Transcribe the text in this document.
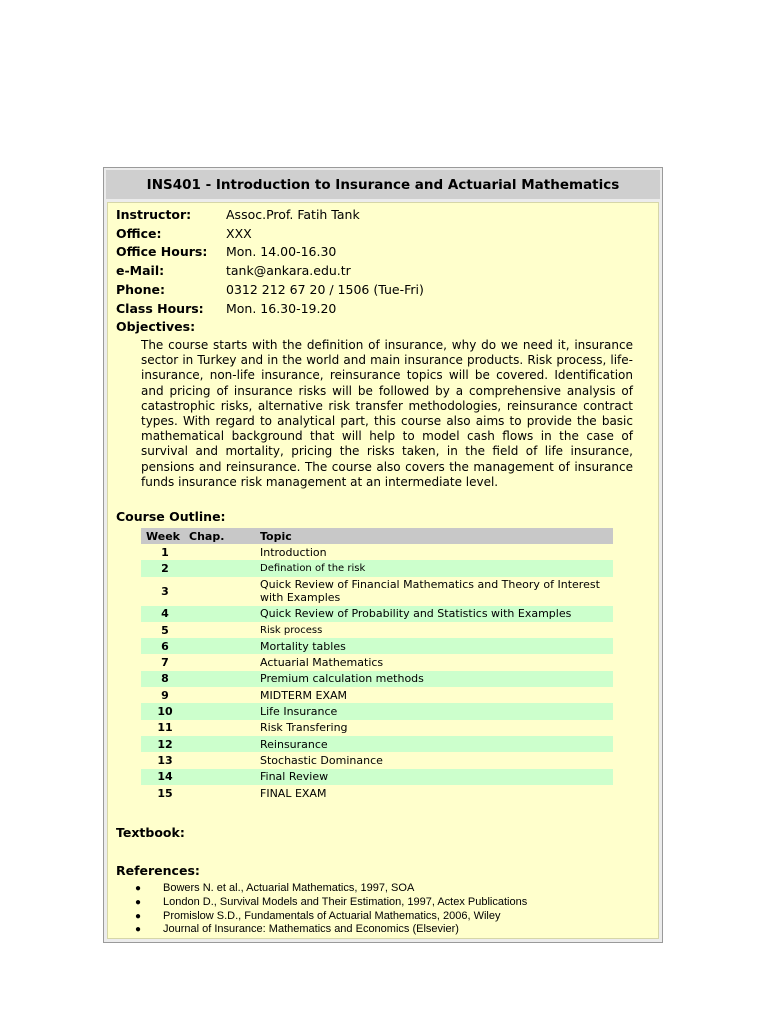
INS401 - Introduction to Insurance and Actuarial Mathematics
Instructor:	Assoc.Prof. Fatih Tank
Office:	XXX
Office Hours:	Mon. 14.00-16.30
e-Mail:	tank@ankara.edu.tr
Phone:	0312 212 67 20 / 1506 (Tue-Fri)
Class Hours:	Mon. 16.30-19.20
Objectives:
The course starts with the definition of insurance, why do we need it, insurance sector in Turkey and in the world and main insurance products. Risk process, life-insurance, non-life insurance, reinsurance topics will be covered. Identification and pricing of insurance risks will be followed by a comprehensive analysis of catastrophic risks, alternative risk transfer methodologies, reinsurance contract types. With regard to analytical part, this course also aims to provide the basic mathematical background that will help to model cash flows in the case of survival and mortality, pricing the risks taken, in the field of life insurance, pensions and reinsurance. The course also covers the management of insurance funds insurance risk management at an intermediate level.
Course Outline:
Week	Chap.	Topic
1		Introduction
2		Defination of the risk
3		Quick Review of Financial Mathematics and Theory of Interest with Examples
4		Quick Review of Probability and Statistics with Examples
5		Risk process
6		Mortality tables
7		Actuarial Mathematics
8		Premium calculation methods
9		MIDTERM EXAM
10		Life Insurance
11		Risk Transfering
12		Reinsurance
13		Stochastic Dominance
14		Final Review
15		FINAL EXAM
Textbook:
References:
● Bowers N. et al., Actuarial Mathematics, 1997, SOA
● London D., Survival Models and Their Estimation, 1997, Actex Publications
● Promislow S.D., Fundamentals of Actuarial Mathematics, 2006, Wiley
● Journal of Insurance: Mathematics and Economics (Elsevier)
